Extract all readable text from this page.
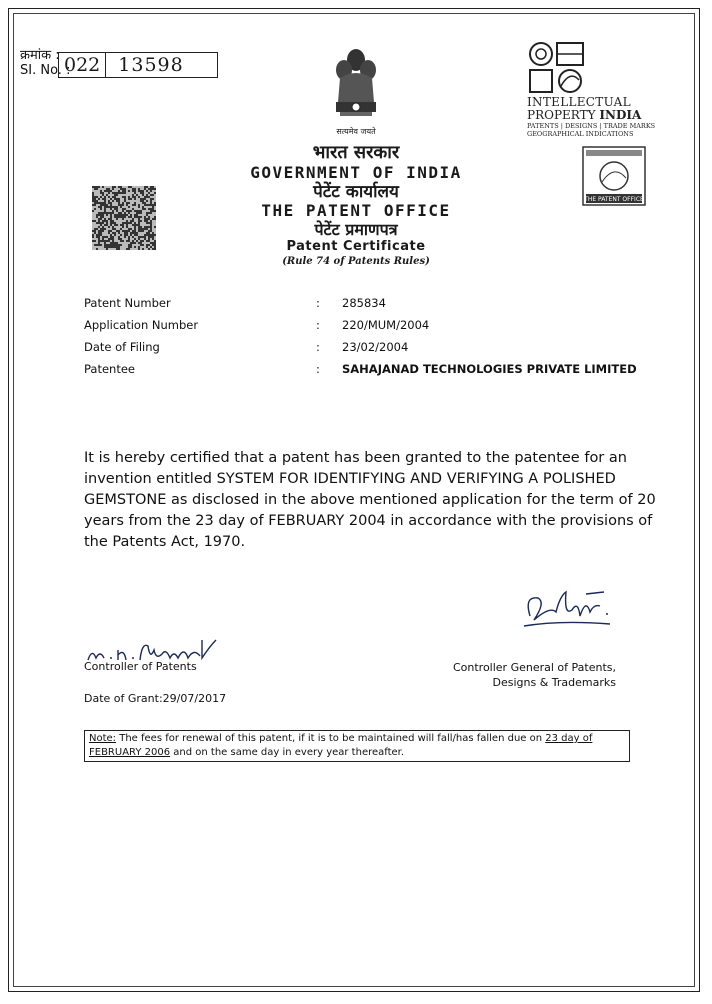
क्रमांक :
SI. No. :
022 13598
सत्यमेव जयते
INTELLECTUAL
PROPERTY INDIA
PATENTS | DESIGNS | TRADE MARKS
GEOGRAPHICAL INDICATIONS
THE PATENT OFFICE
भारत सरकार
GOVERNMENT OF INDIA
पेटेंट कार्यालय
THE PATENT OFFICE
पेटेंट प्रमाणपत्र
Patent Certificate
(Rule 74 of Patents Rules)
Patent Number	: 285834
Application Number	: 220/MUM/2004
Date of Filing	: 23/02/2004
Patentee	: SAHAJANAD TECHNOLOGIES PRIVATE LIMITED
It is hereby certified that a patent has been granted to the patentee for an invention entitled SYSTEM FOR IDENTIFYING AND VERIFYING A POLISHED GEMSTONE as disclosed in the above mentioned application for the term of 20 years from the 23 day of FEBRUARY 2004 in accordance with the provisions of the Patents Act, 1970.
Controller of Patents	Controller General of Patents,
Designs & Trademarks
Date of Grant:29/07/2017
Note: The fees for renewal of this patent, if it is to be maintained will fall/has fallen due on 23 day of FEBRUARY 2006 and on the same day in every year thereafter.
